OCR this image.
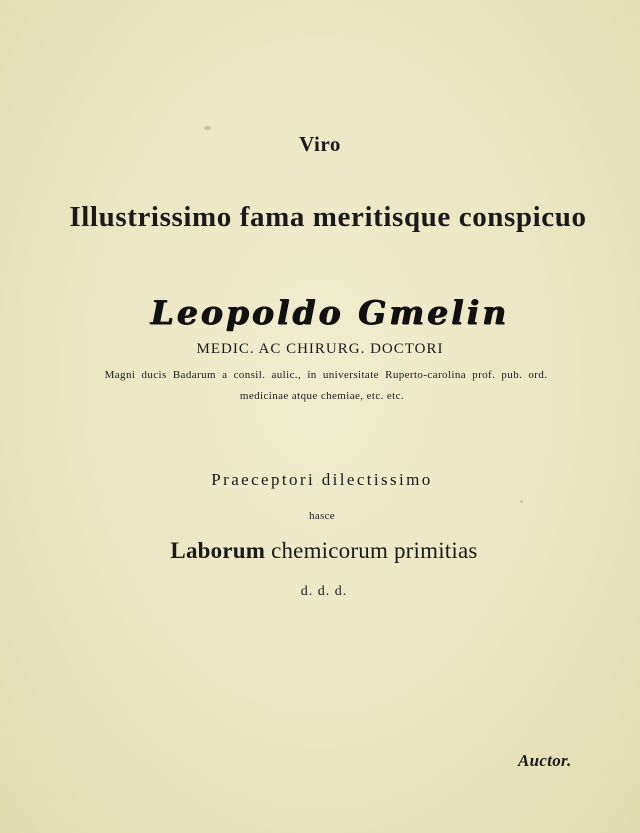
Viro
Illustrissimo fama meritisque conspicuo
Leopoldo Gmelin
MEDIC. AC CHIRURG. DOCTORI
Magni ducis Badarum a consil. aulic., in universitate Ruperto-carolina prof. pub. ord.
medicinae atque chemiae, etc. etc.
Praeceptori dilectissimo
hasce
Laborum chemicorum primitias
d. d. d.
Auctor.
